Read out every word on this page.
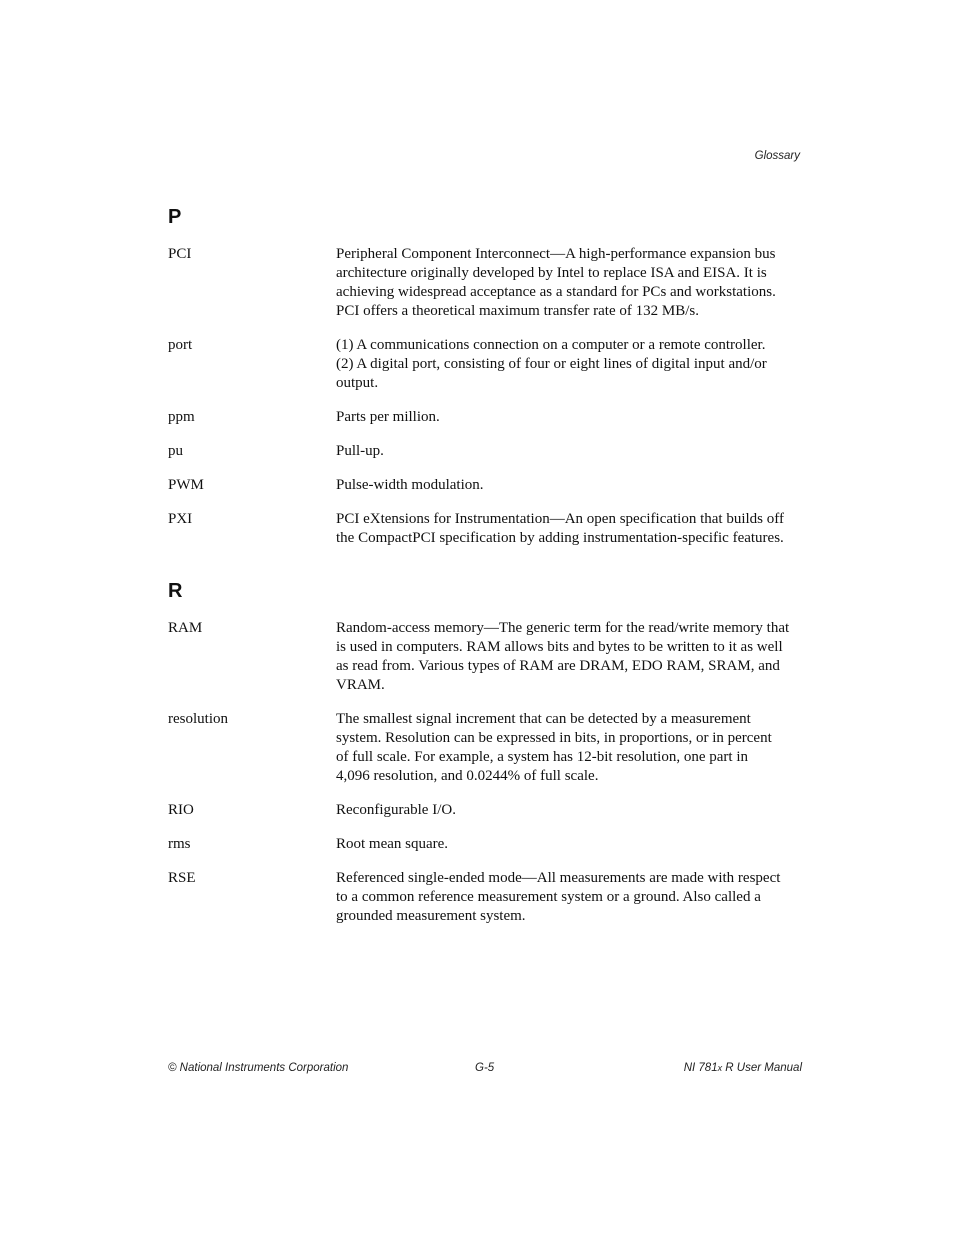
Glossary
P
PCI	Peripheral Component Interconnect—A high-performance expansion bus
architecture originally developed by Intel to replace ISA and EISA. It is
achieving widespread acceptance as a standard for PCs and workstations.
PCI offers a theoretical maximum transfer rate of 132 MB/s.
port	(1) A communications connection on a computer or a remote controller.
(2) A digital port, consisting of four or eight lines of digital input and/or
output.
ppm	Parts per million.
pu	Pull-up.
PWM	Pulse-width modulation.
PXI	PCI eXtensions for Instrumentation—An open specification that builds off
the CompactPCI specification by adding instrumentation-specific features.
R
RAM	Random-access memory—The generic term for the read/write memory that
is used in computers. RAM allows bits and bytes to be written to it as well
as read from. Various types of RAM are DRAM, EDO RAM, SRAM, and
VRAM.
resolution	The smallest signal increment that can be detected by a measurement
system. Resolution can be expressed in bits, in proportions, or in percent
of full scale. For example, a system has 12-bit resolution, one part in
4,096 resolution, and 0.0244% of full scale.
RIO	Reconfigurable I/O.
rms	Root mean square.
RSE	Referenced single-ended mode—All measurements are made with respect
to a common reference measurement system or a ground. Also called a
grounded measurement system.
© National Instruments Corporation	G-5	NI 781x R User Manual
